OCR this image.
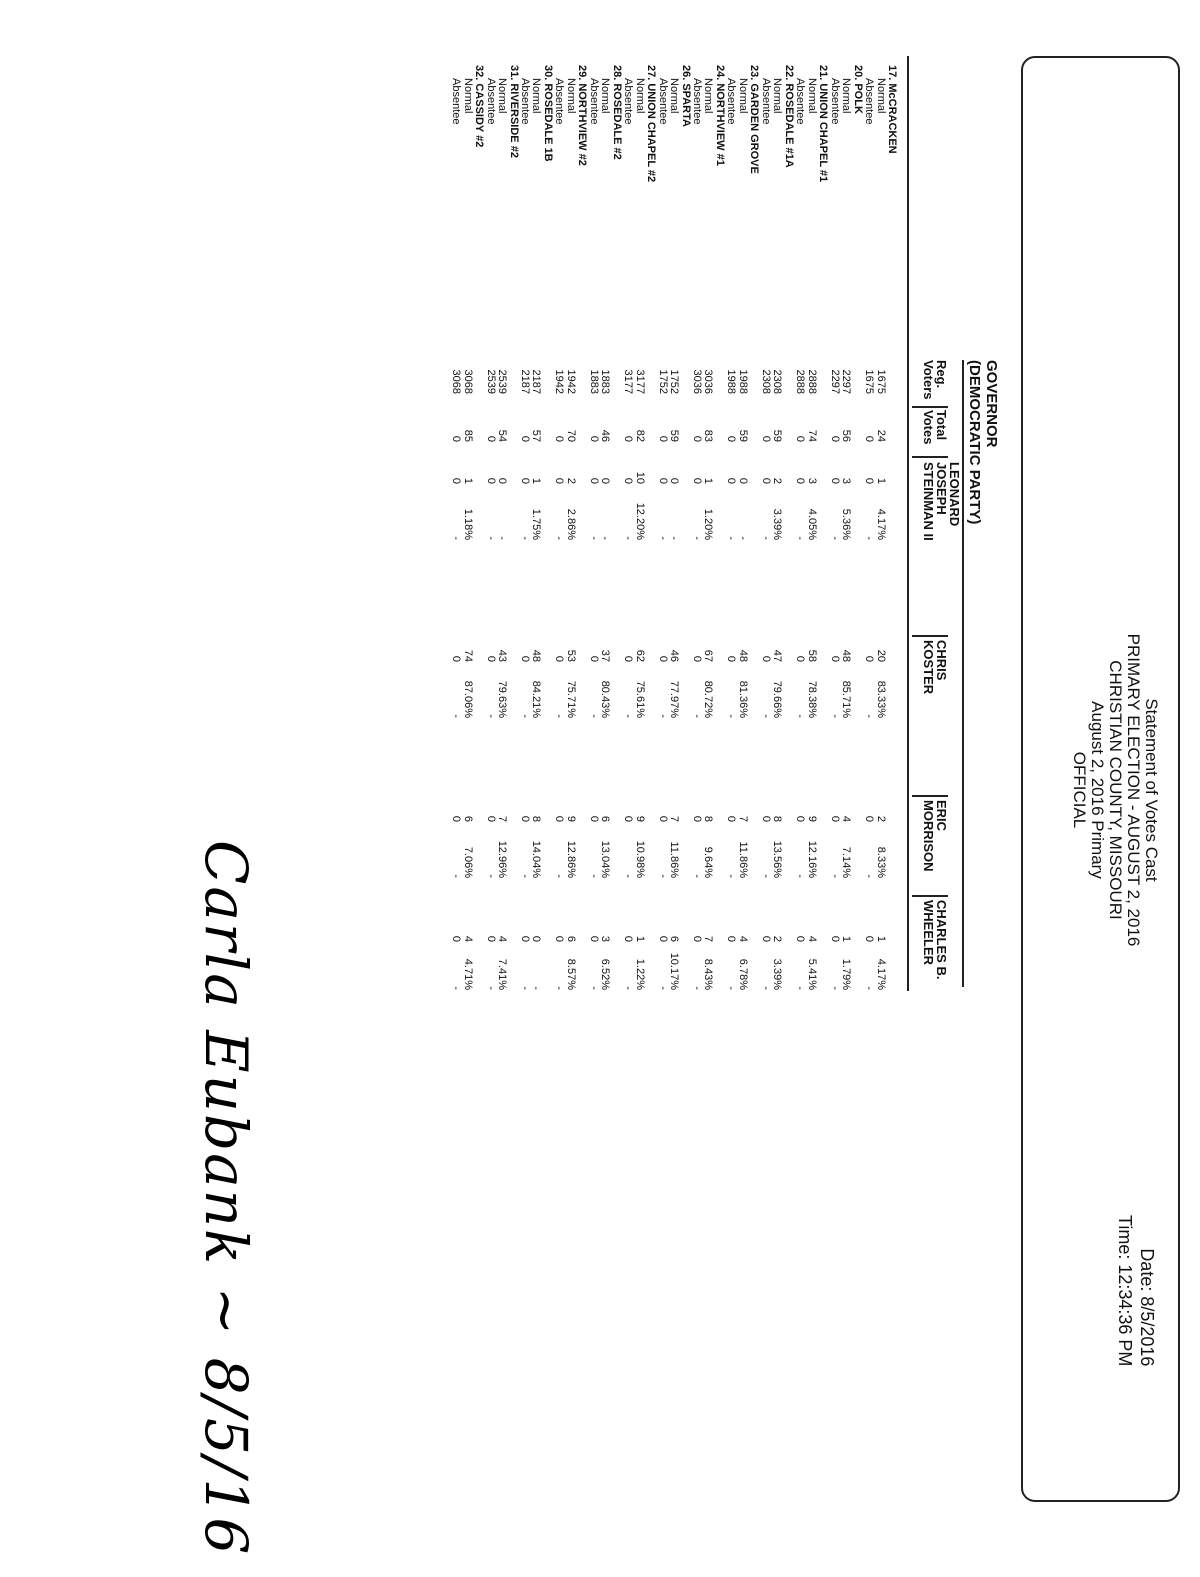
Statement of Votes Cast
PRIMARY ELECTION - AUGUST 2, 2016
CHRISTIAN COUNTY, MISSOURI
August 2, 2016 Primary
OFFICIAL
Date: 8/5/2016
Time: 12:34:36 PM
GOVERNOR
(DEMOCRATIC PARTY)
Reg.
Voters
Total
Votes
LEONARD
JOSEPH
STEINMAN II
CHRIS
KOSTER
ERIC
MORRISON
CHARLES B.
WHEELER
17. McCRACKEN
Normal
1675
24
1
4.17%
20
83.33%
2
8.33%
1
4.17%
Absentee
1675
0
0
-
0
-
0
-
0
-
20. POLK
Normal
2297
56
3
5.36%
48
85.71%
4
7.14%
1
1.79%
Absentee
2297
0
0
-
0
-
0
-
0
-
21. UNION CHAPEL #1
Normal
2888
74
3
4.05%
58
78.38%
9
12.16%
4
5.41%
Absentee
2888
0
0
-
0
-
0
-
0
-
22. ROSEDALE #1A
Normal
2308
59
2
3.39%
47
79.66%
8
13.56%
2
3.39%
Absentee
2308
0
0
-
0
-
0
-
0
-
23. GARDEN GROVE
Normal
1988
59
0
-
48
81.36%
7
11.86%
4
6.78%
Absentee
1988
0
0
-
0
-
0
-
0
-
24. NORTHVIEW #1
Normal
3036
83
1
1.20%
67
80.72%
8
9.64%
7
8.43%
Absentee
3036
0
0
-
0
-
0
-
0
-
26. SPARTA
Normal
1752
59
0
-
46
77.97%
7
11.86%
6
10.17%
Absentee
1752
0
0
-
0
-
0
-
0
-
27. UNION CHAPEL #2
Normal
3177
82
10
12.20%
62
75.61%
9
10.98%
1
1.22%
Absentee
3177
0
0
-
0
-
0
-
0
-
28. ROSEDALE #2
Normal
1883
46
0
-
37
80.43%
6
13.04%
3
6.52%
Absentee
1883
0
0
-
0
-
0
-
0
-
29. NORTHVIEW #2
Normal
1942
70
2
2.86%
53
75.71%
9
12.86%
6
8.57%
Absentee
1942
0
0
-
0
-
0
-
0
-
30. ROSEDALE 1B
Normal
2187
57
1
1.75%
48
84.21%
8
14.04%
0
-
Absentee
2187
0
0
-
0
-
0
-
0
-
31. RIVERSIDE #2
Normal
2539
54
0
-
43
79.63%
7
12.96%
4
7.41%
Absentee
2539
0
0
-
0
-
0
-
0
-
32. CASSIDY #2
Normal
3068
85
1
1.18%
74
87.06%
6
7.06%
4
4.71%
Absentee
3068
0
0
-
0
-
0
-
0
-
Carla Eubank ~ 8/5/16
